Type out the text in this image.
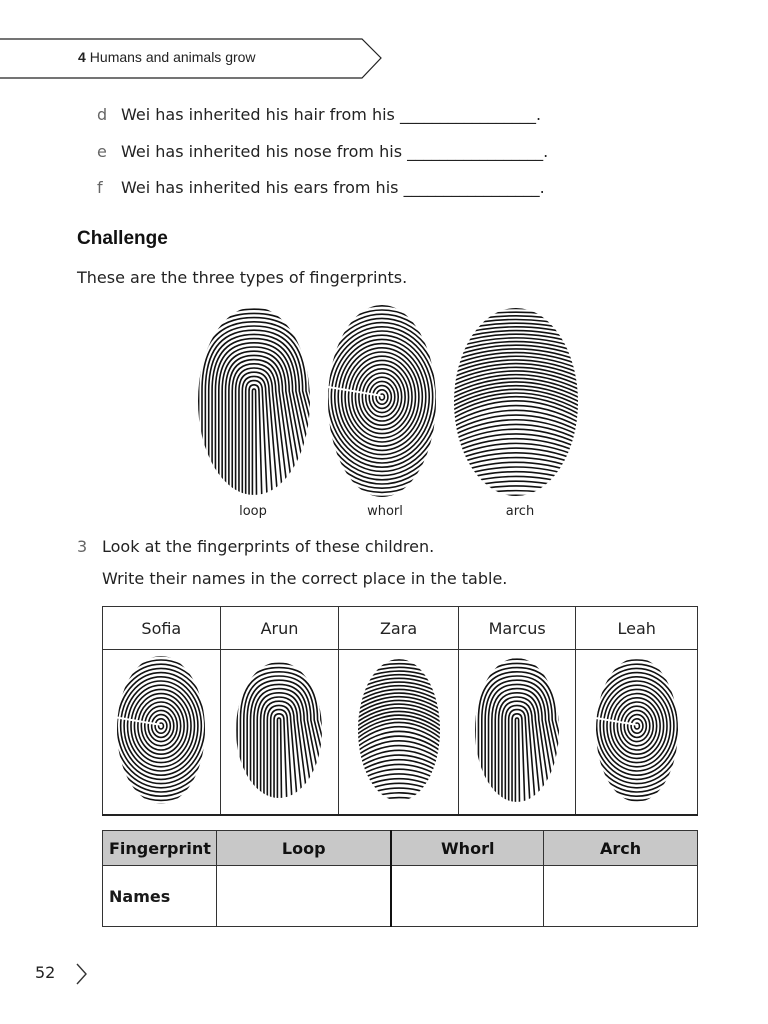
4 Humans and animals grow
d Wei has inherited his hair from his _________________.
e Wei has inherited his nose from his _________________.
f Wei has inherited his ears from his _________________.
Challenge
These are the three types of fingerprints.
loop	whorl	arch
3 Look at the fingerprints of these children.
Write their names in the correct place in the table.
Sofia	Arun	Zara	Marcus	Leah

Fingerprint	Loop	Whorl	Arch
Names			
52
